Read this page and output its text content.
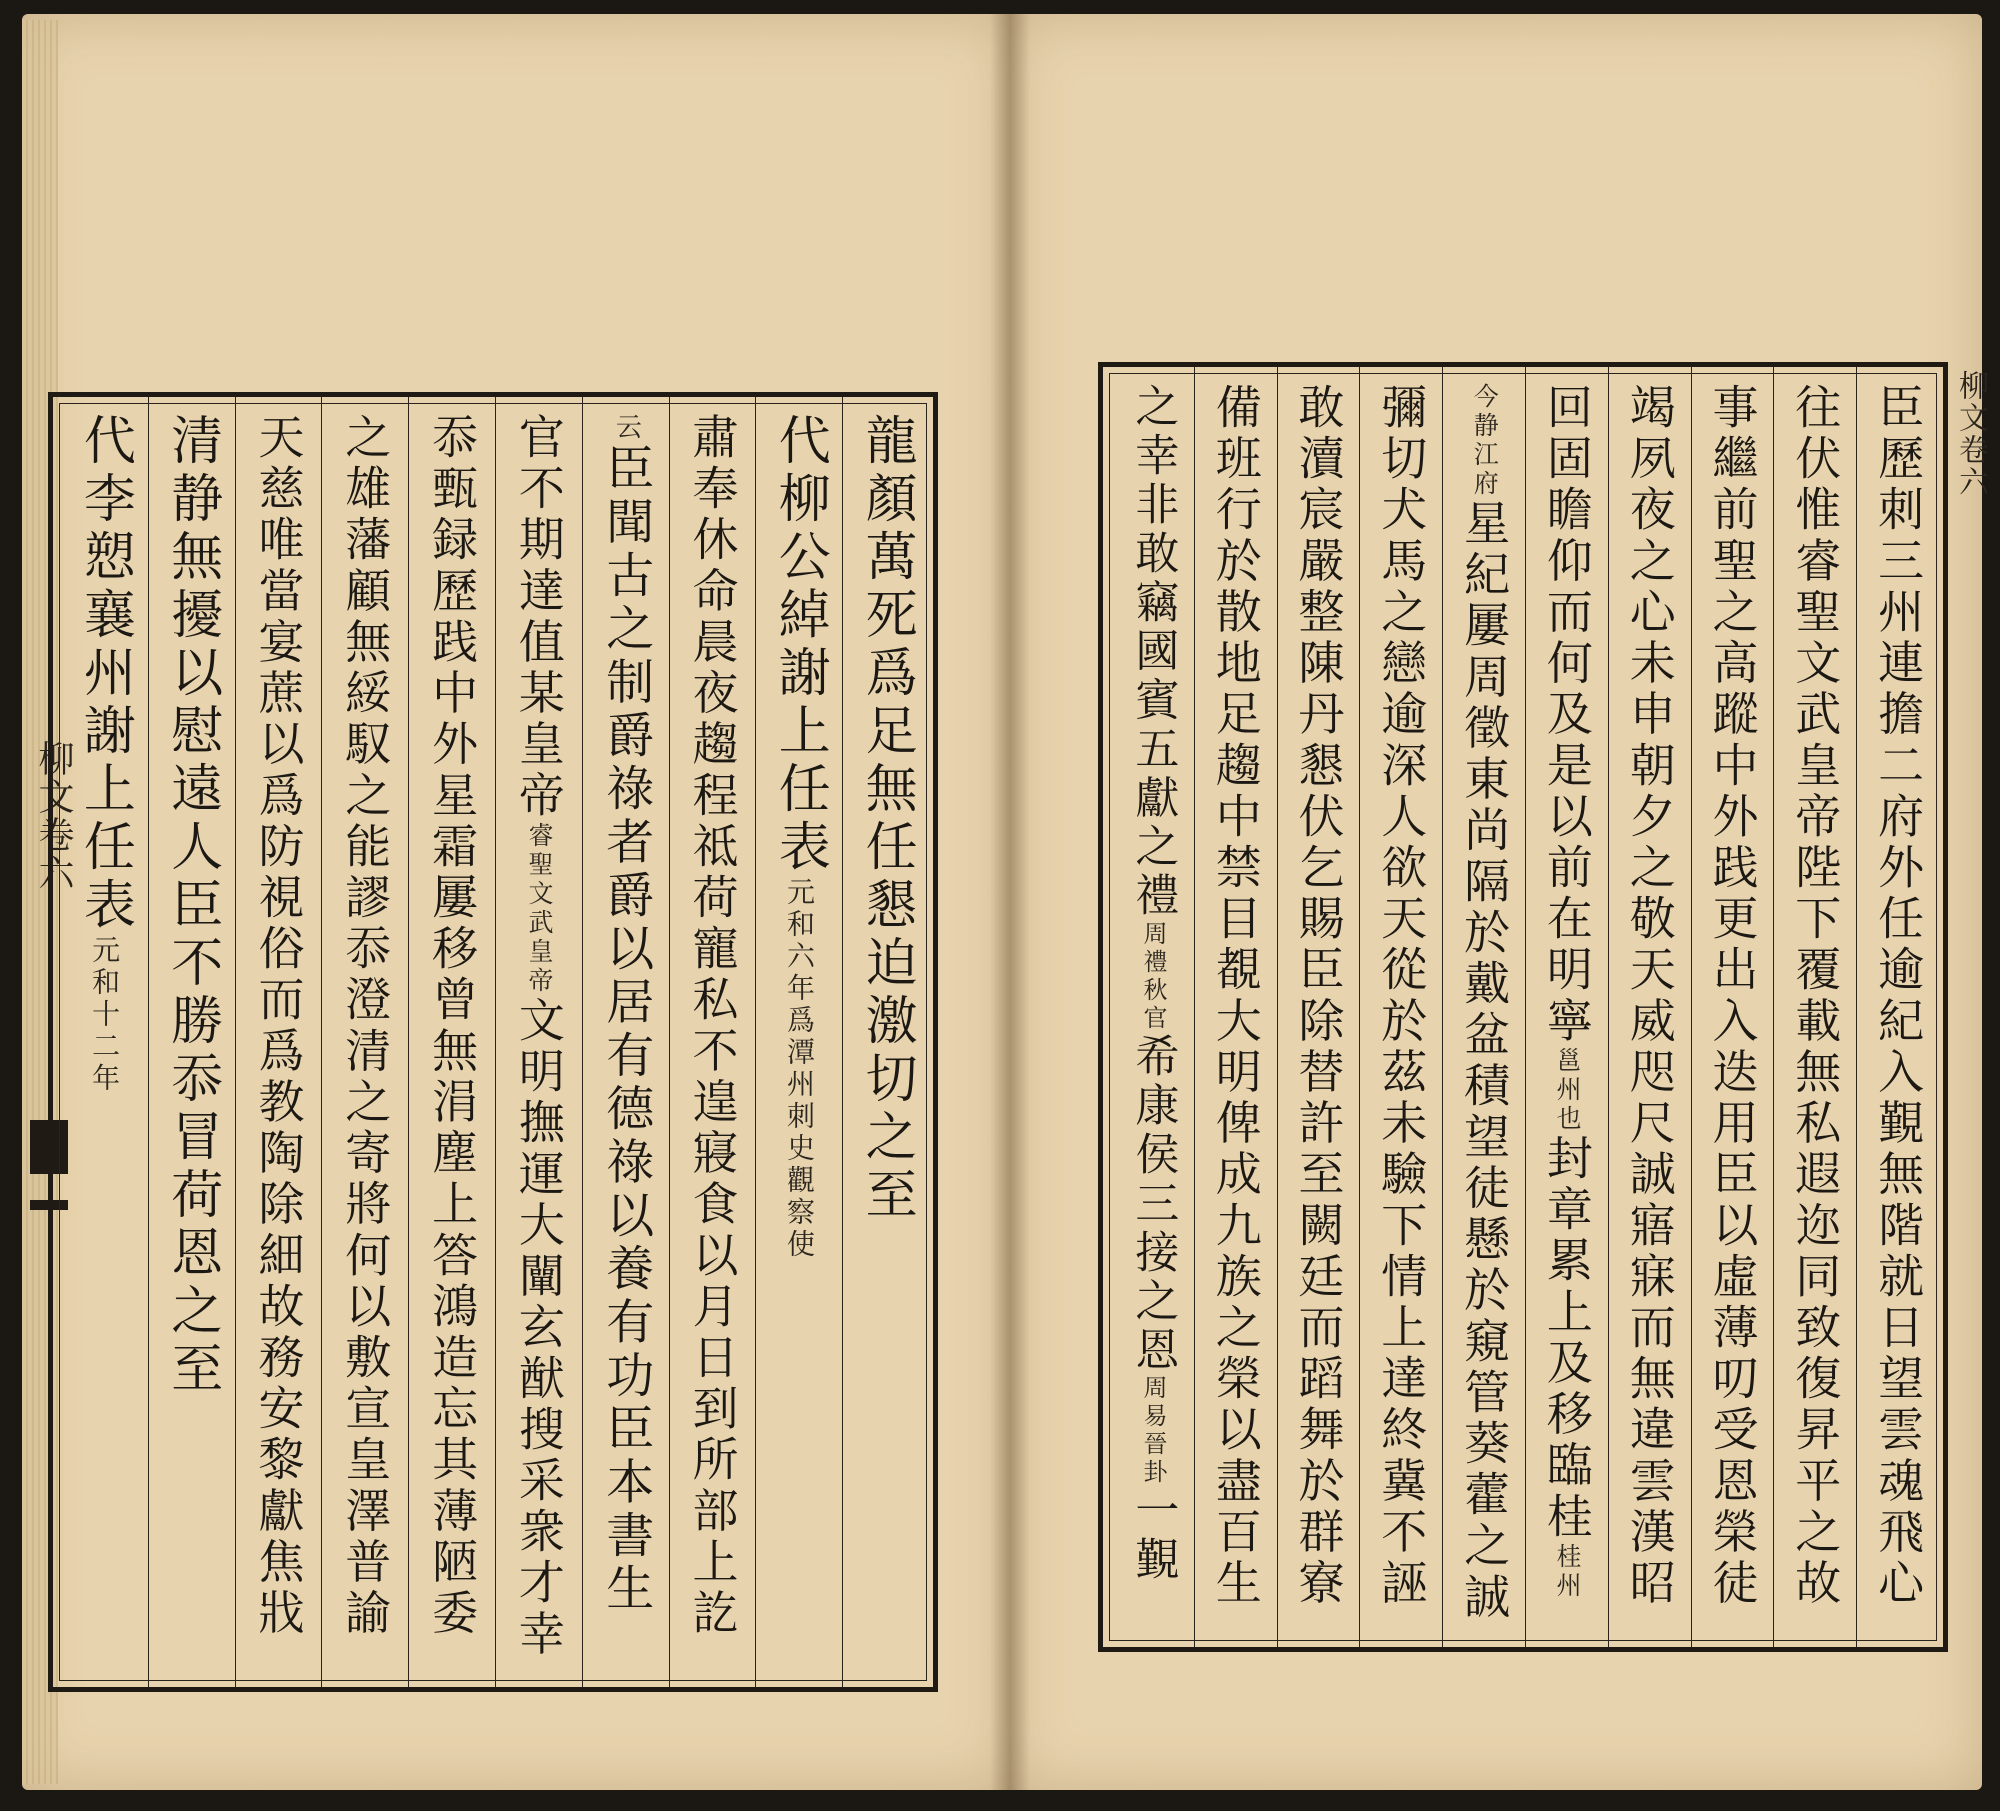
柳文卷六	龍顏萬死爲足無任懇迫激切之至
代柳公綽謝上任表
元和六年爲潭州刺史觀察使
肅奉休命晨夜趨程祗荷寵私不遑寢食以月日到所部上訖
云
臣聞古之制爵祿者爵以居有德祿以養有功臣本書生
官不期達值某皇帝
睿聖文武皇帝
文明撫運大闡玄猷搜采衆才幸
忝甄録歷践中外星霜屢移曾無涓塵上答鴻造忘其薄陋委
之雄藩顧無綏馭之能謬忝澄清之寄將何以敷宣皇澤普諭
天慈唯當宴蔗以爲防視俗而爲教陶除細故務安黎獻焦戕
清静無擾以慰遠人臣不勝忝冒荷恩之至
代李愬襄州謝上任表
元和十二年	臣歷刺三州連擔二府外任逾紀入覲無階就日望雲魂飛心
往伏惟睿聖文武皇帝陛下覆載無私遐迩同致復昇平之故
事繼前聖之高蹤中外践更出入迭用臣以虛薄叨受恩榮徒
竭夙夜之心未申朝夕之敬天威咫尺誠寤寐而無違雲漢昭
回固瞻仰而何及是以前在明寧
邕州也
封章累上及移臨桂
桂州
今静江府
星紀屢周徵東尚隔於戴盆積望徒懸於窺管葵藿之誠
彌切犬馬之戀逾深人欲天從於茲未驗下情上達終冀不誣
敢瀆宸嚴整陳丹懇伏乞賜臣除替許至闕廷而蹈舞於群寮
備班行於散地足趨中禁目覩大明俾成九族之榮以盡百生
之幸非敢竊國賓五獻之禮
周禮秋官
希康侯三接之恩
周易晉卦
一覲
柳文卷六
